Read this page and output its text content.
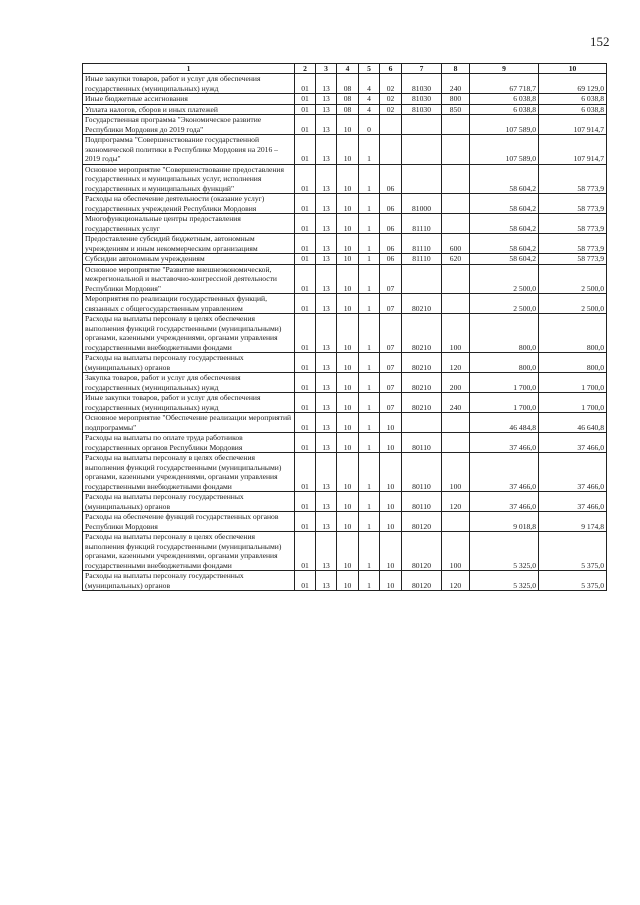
152
1	2	3	4	5	6	7	8	9	10
Иные закупки товаров, работ и услуг для обеспечения государственных (муниципальных) нужд	01	13	08	4	02	81030	240	67 718,7	69 129,0
Иные бюджетные ассигнования	01	13	08	4	02	81030	800	6 038,8	6 038,8
Уплата налогов, сборов и иных платежей	01	13	08	4	02	81030	850	6 038,8	6 038,8
Государственная программа "Экономическое развитие Республики Мордовия до 2019 года"	01	13	10	0				107 589,0	107 914,7
Подпрограмма "Совершенствование государственной экономической политики в Республике Мордовия на 2016 – 2019 годы"	01	13	10	1				107 589,0	107 914,7
Основное мероприятие "Совершенствование предоставления государственных и муниципальных услуг, исполнения государственных и муниципальных функций"	01	13	10	1	06			58 604,2	58 773,9
Расходы на обеспечение деятельности (оказание услуг) государственных учреждений Республики Мордовия	01	13	10	1	06	81000		58 604,2	58 773,9
Многофункциональные центры предоставления государственных услуг	01	13	10	1	06	81110		58 604,2	58 773,9
Предоставление субсидий бюджетным, автономным учреждениям и иным некоммерческим организациям	01	13	10	1	06	81110	600	58 604,2	58 773,9
Субсидии автономным учреждениям	01	13	10	1	06	81110	620	58 604,2	58 773,9
Основное мероприятие "Развитие внешнеэкономической, межрегиональной и выставочно-конгрессной деятельности Республики Мордовия"	01	13	10	1	07			2 500,0	2 500,0
Мероприятия по реализации государственных функций, связанных с общегосударственным управлением	01	13	10	1	07	80210		2 500,0	2 500,0
Расходы на выплаты персоналу в целях обеспечения выполнения функций государственными (муниципальными) органами, казенными учреждениями, органами управления государственными внебюджетными фондами	01	13	10	1	07	80210	100	800,0	800,0
Расходы на выплаты персоналу государственных (муниципальных) органов	01	13	10	1	07	80210	120	800,0	800,0
Закупка товаров, работ и услуг для обеспечения государственных (муниципальных) нужд	01	13	10	1	07	80210	200	1 700,0	1 700,0
Иные закупки товаров, работ и услуг для обеспечения государственных (муниципальных) нужд	01	13	10	1	07	80210	240	1 700,0	1 700,0
Основное мероприятие "Обеспечение реализации мероприятий подпрограммы"	01	13	10	1	10			46 484,8	46 640,8
Расходы на выплаты по оплате труда работников государственных органов Республики Мордовия	01	13	10	1	10	80110		37 466,0	37 466,0
Расходы на выплаты персоналу в целях обеспечения выполнения функций государственными (муниципальными) органами, казенными учреждениями, органами управления государственными внебюджетными фондами	01	13	10	1	10	80110	100	37 466,0	37 466,0
Расходы на выплаты персоналу государственных (муниципальных) органов	01	13	10	1	10	80110	120	37 466,0	37 466,0
Расходы на обеспечение функций государственных органов Республики Мордовия	01	13	10	1	10	80120		9 018,8	9 174,8
Расходы на выплаты персоналу в целях обеспечения выполнения функций государственными (муниципальными) органами, казенными учреждениями, органами управления государственными внебюджетными фондами	01	13	10	1	10	80120	100	5 325,0	5 375,0
Расходы на выплаты персоналу государственных (муниципальных) органов	01	13	10	1	10	80120	120	5 325,0	5 375,0
